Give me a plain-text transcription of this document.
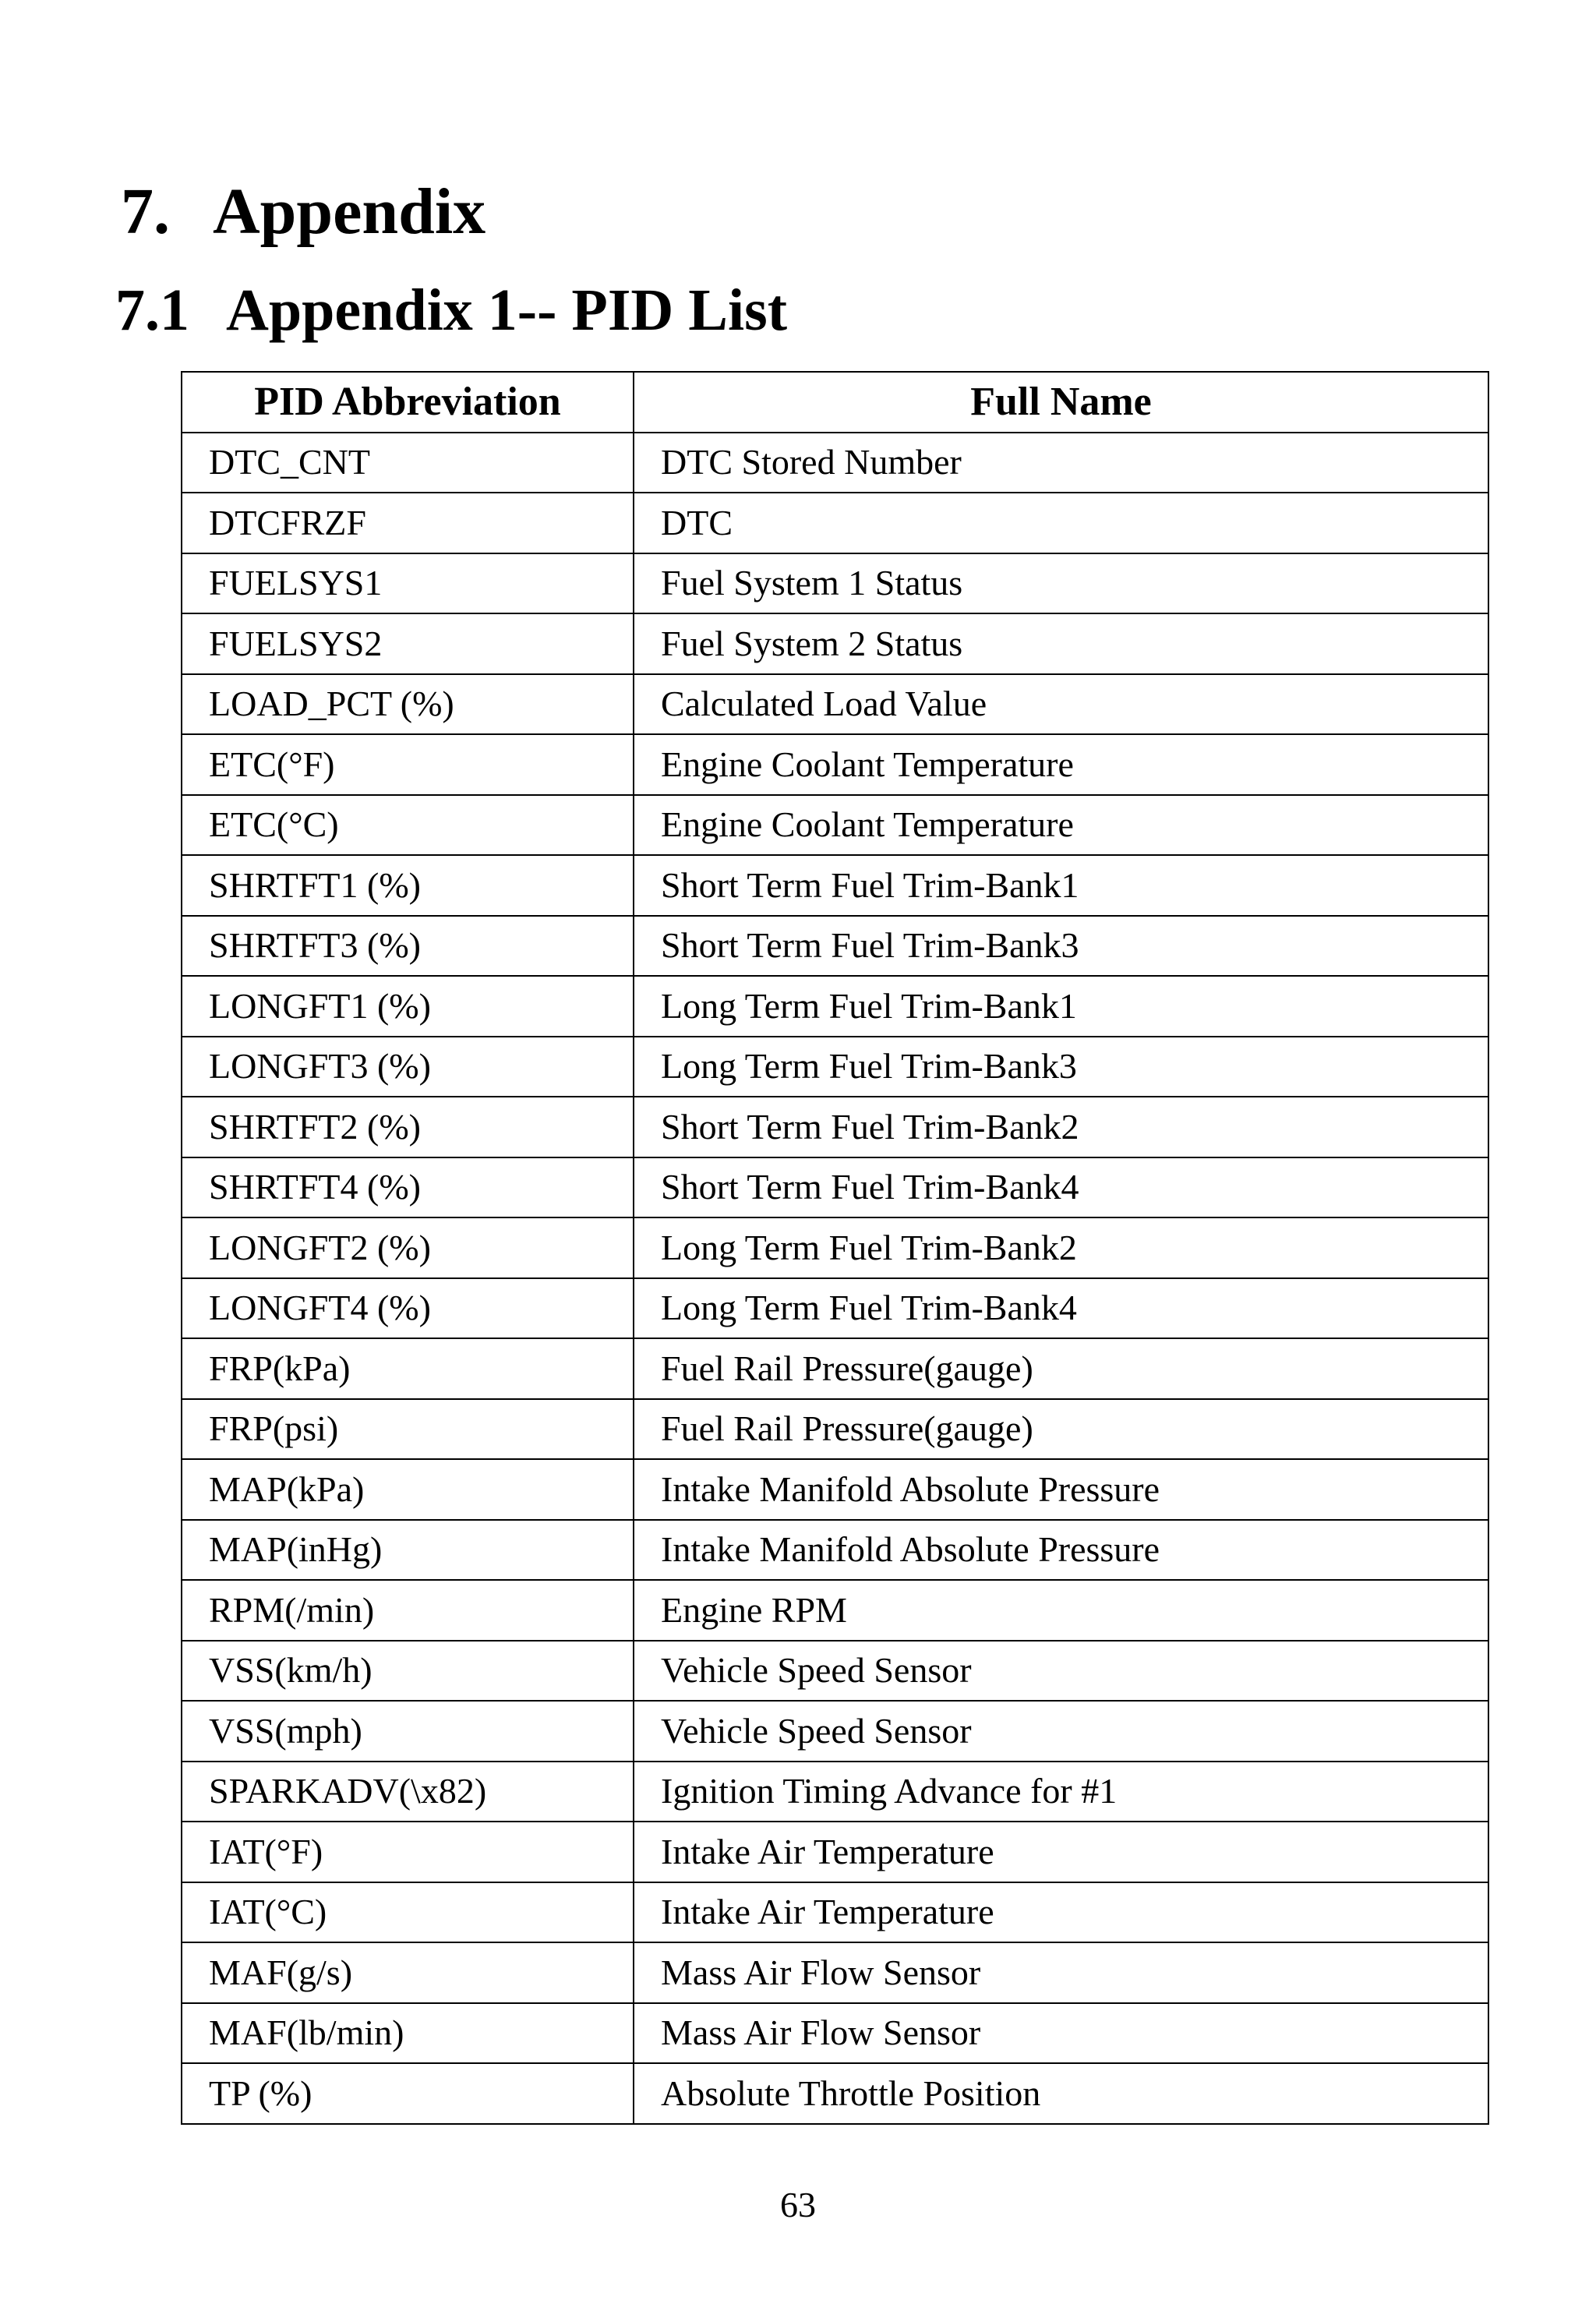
7. Appendix
7.1 Appendix 1-- PID List
PID Abbreviation	Full Name
DTC_CNT	DTC Stored Number
DTCFRZF	DTC
FUELSYS1	Fuel System 1 Status
FUELSYS2	Fuel System 2 Status
LOAD_PCT (%)	Calculated Load Value
ETC(°F)	Engine Coolant Temperature
ETC(°C)	Engine Coolant Temperature
SHRTFT1 (%)	Short Term Fuel Trim-Bank1
SHRTFT3 (%)	Short Term Fuel Trim-Bank3
LONGFT1 (%)	Long Term Fuel Trim-Bank1
LONGFT3 (%)	Long Term Fuel Trim-Bank3
SHRTFT2 (%)	Short Term Fuel Trim-Bank2
SHRTFT4 (%)	Short Term Fuel Trim-Bank4
LONGFT2 (%)	Long Term Fuel Trim-Bank2
LONGFT4 (%)	Long Term Fuel Trim-Bank4
FRP(kPa)	Fuel Rail Pressure(gauge)
FRP(psi)	Fuel Rail Pressure(gauge)
MAP(kPa)	Intake Manifold Absolute Pressure
MAP(inHg)	Intake Manifold Absolute Pressure
RPM(/min)	Engine RPM
VSS(km/h)	Vehicle Speed Sensor
VSS(mph)	Vehicle Speed Sensor
SPARKADV(\x82)	Ignition Timing Advance for #1
IAT(°F)	Intake Air Temperature
IAT(°C)	Intake Air Temperature
MAF(g/s)	Mass Air Flow Sensor
MAF(lb/min)	Mass Air Flow Sensor
TP (%)	Absolute Throttle Position
63
